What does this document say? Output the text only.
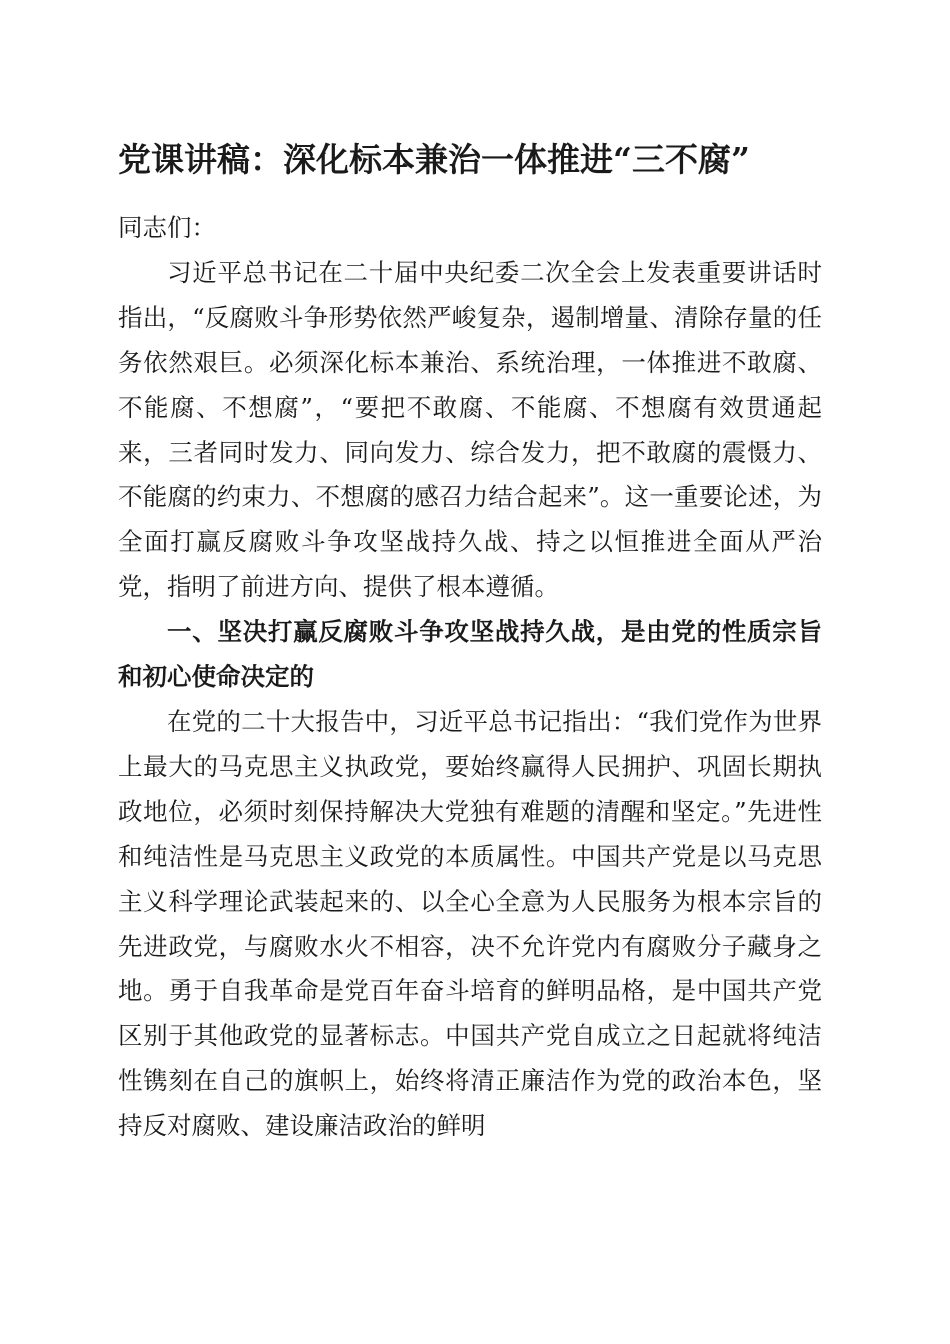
党课讲稿：深化标本兼治一体推进“三不腐”

同志们：

习近平总书记在二十届中央纪委二次全会上发表重要讲话时指出，“反腐败斗争形势依然严峻复杂，遏制增量、清除存量的任务依然艰巨。必须深化标本兼治、系统治理，一体推进不敢腐、不能腐、不想腐”，“要把不敢腐、不能腐、不想腐有效贯通起来，三者同时发力、同向发力、综合发力，把不敢腐的震慑力、不能腐的约束力、不想腐的感召力结合起来”。这一重要论述，为全面打赢反腐败斗争攻坚战持久战、持之以恒推进全面从严治党，指明了前进方向、提供了根本遵循。

一、坚决打赢反腐败斗争攻坚战持久战，是由党的性质宗旨和初心使命决定的

在党的二十大报告中，习近平总书记指出：“我们党作为世界上最大的马克思主义执政党，要始终赢得人民拥护、巩固长期执政地位，必须时刻保持解决大党独有难题的清醒和坚定。”先进性和纯洁性是马克思主义政党的本质属性。中国共产党是以马克思主义科学理论武装起来的、以全心全意为人民服务为根本宗旨的先进政党，与腐败水火不相容，决不允许党内有腐败分子藏身之地。勇于自我革命是党百年奋斗培育的鲜明品格，是中国共产党区别于其他政党的显著标志。中国共产党自成立之日起就将纯洁性镌刻在自己的旗帜上，始终将清正廉洁作为党的政治本色，坚持反对腐败、建设廉洁政治的鲜明
